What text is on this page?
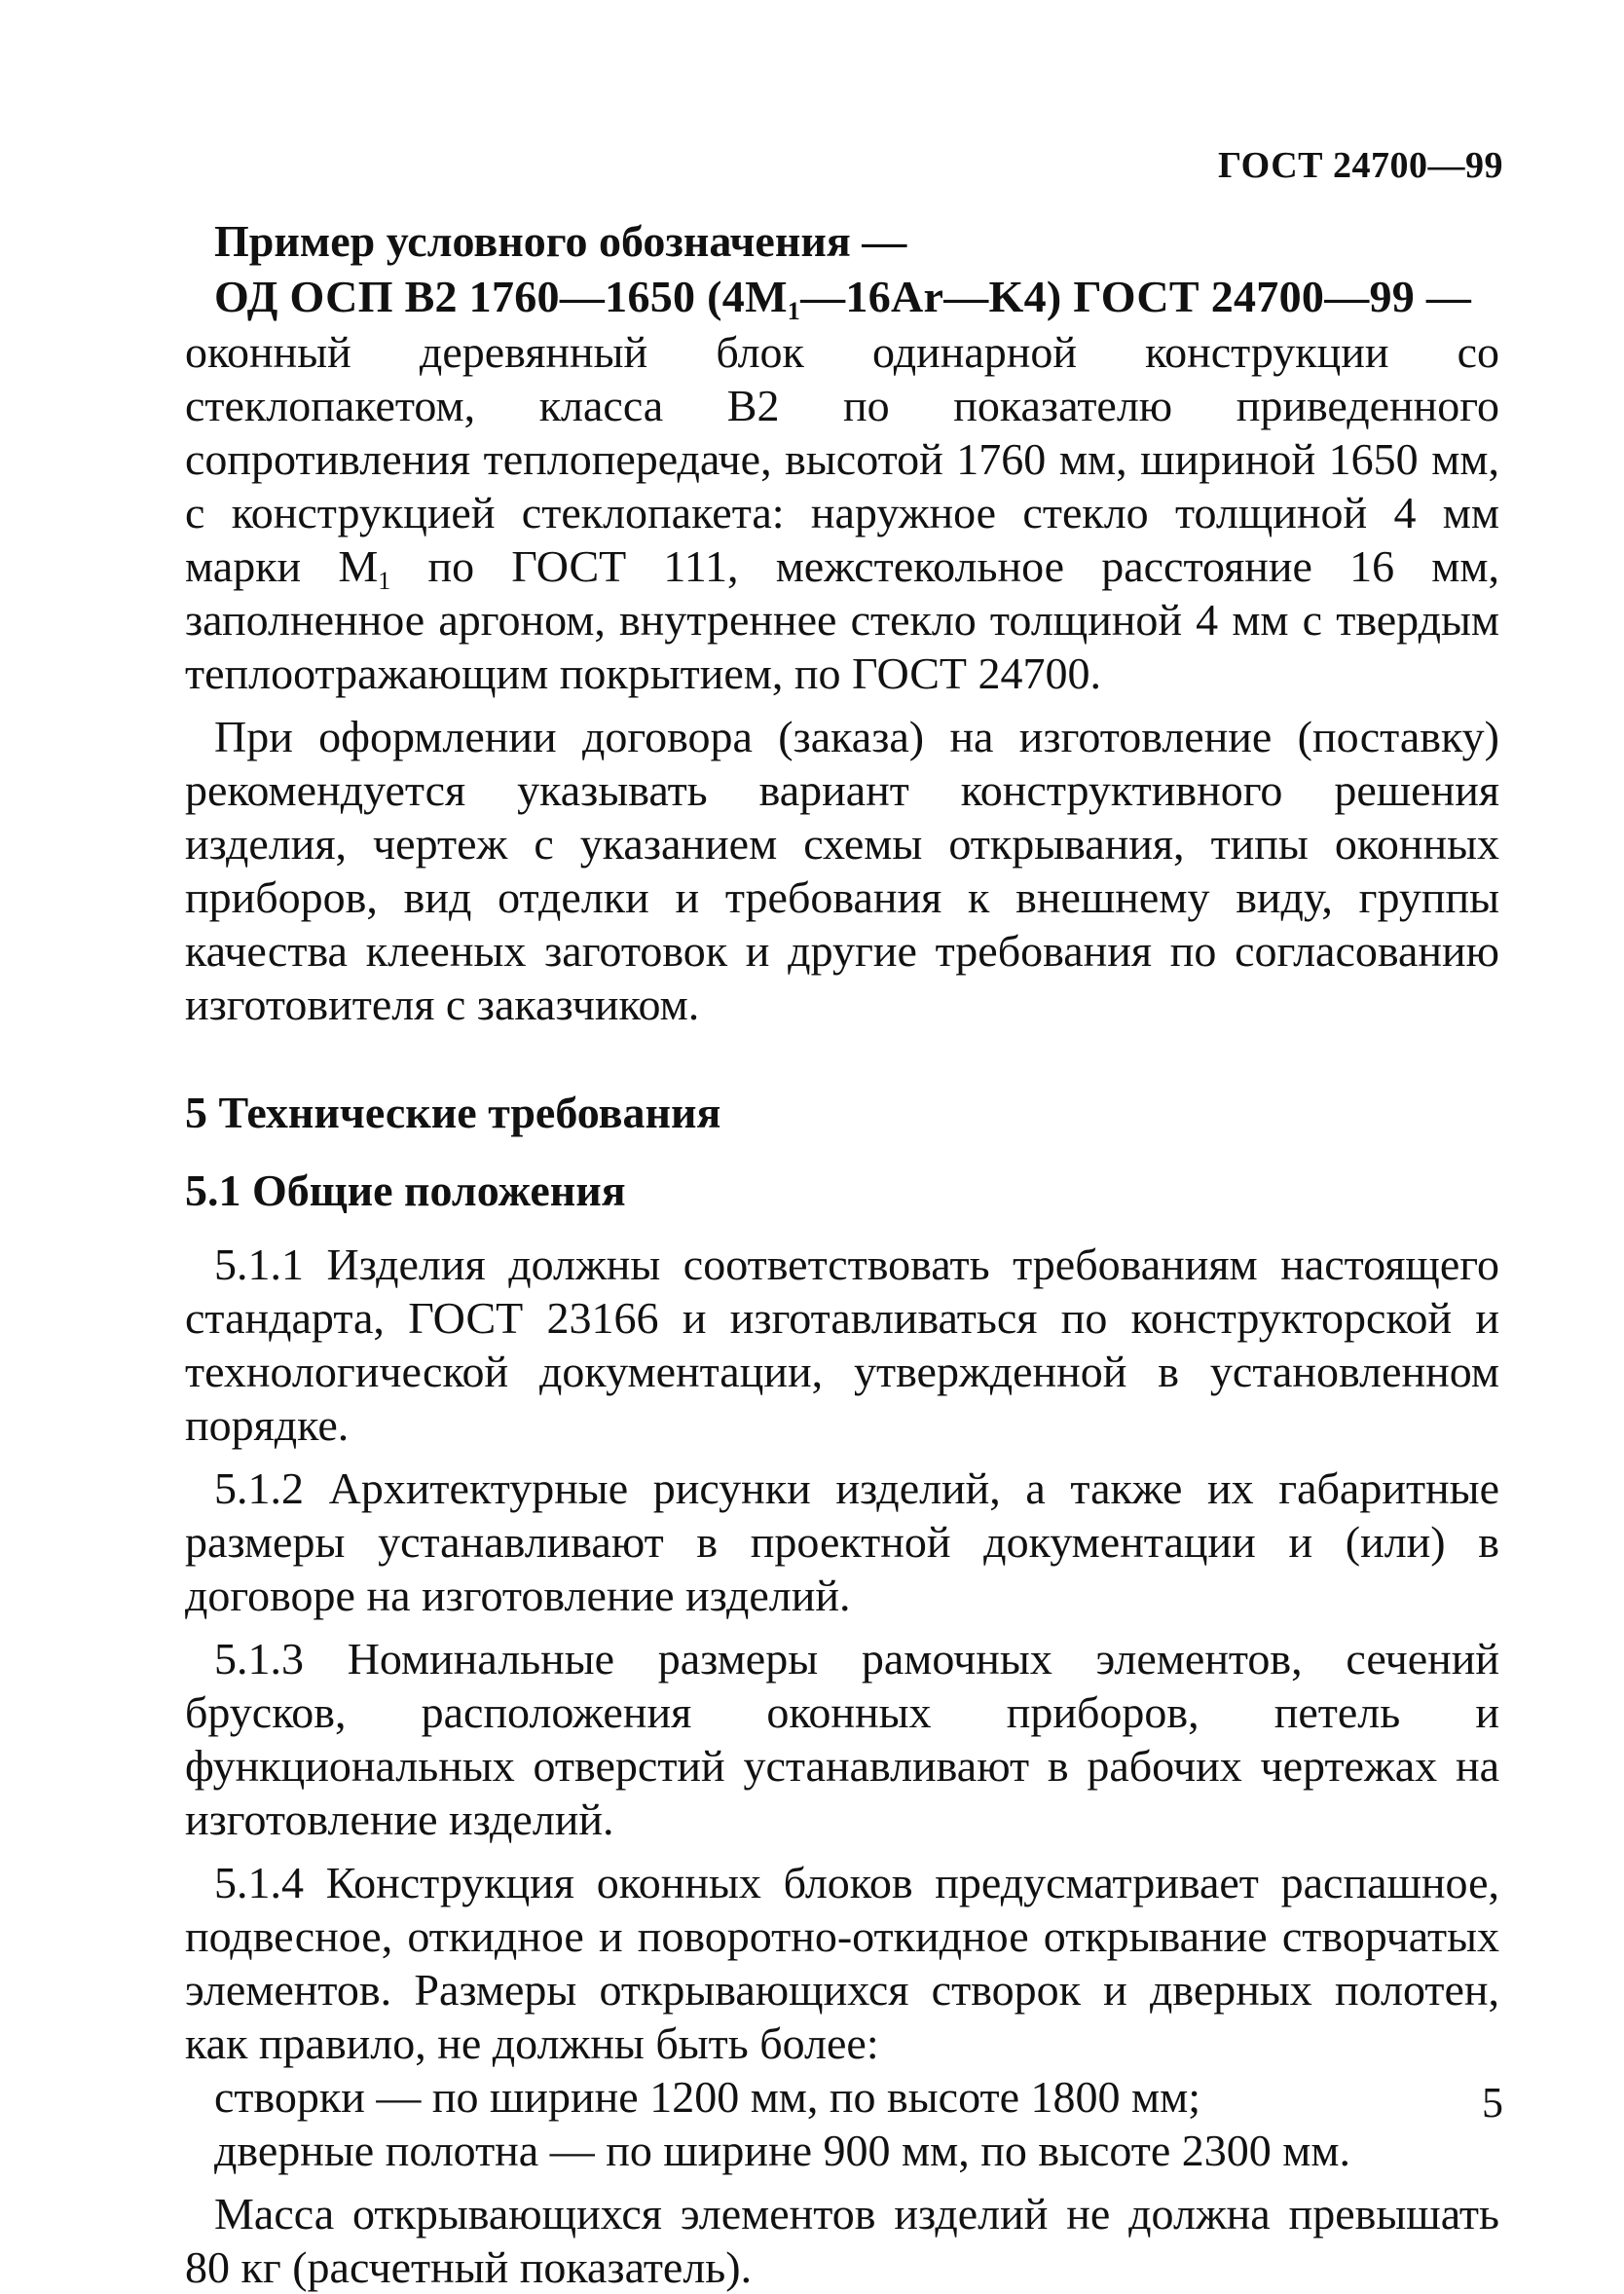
ГОСТ 24700—99

Пример условного обозначения —

ОД ОСП В2 1760—1650 $(4М_1—16Ar—K4)$ ГОСТ 24700—99 —

оконный деревянный блок одинарной конструкции со стеклопакетом, класса В2 по показателю приведенного сопротивления теплопередаче, высотой 1760 мм, шириной 1650 мм, с конструкцией стеклопакета: наружное стекло толщиной 4 мм марки $М_1$ по ГОСТ 111, межстекольное расстояние 16 мм, заполненное аргоном, внутреннее стекло толщиной 4 мм с твердым теплоотражающим покрытием, по ГОСТ 24700.

При оформлении договора (заказа) на изготовление (поставку) рекомендуется указывать вариант конструктивного решения изделия, чертеж с указанием схемы открывания, типы оконных приборов, вид отделки и требования к внешнему виду, группы качества клееных заготовок и другие требования по согласованию изготовителя с заказчиком.

5 Технические требования
5.1 Общие положения

5.1.1 Изделия должны соответствовать требованиям настоящего стандарта, ГОСТ 23166 и изготавливаться по конструкторской и технологической документации, утвержденной в установленном порядке.

5.1.2 Архитектурные рисунки изделий, а также их габаритные размеры устанавливают в проектной документации и (или) в договоре на изготовление изделий.

5.1.3 Номинальные размеры рамочных элементов, сечений брусков, расположения оконных приборов, петель и функциональных отверстий устанавливают в рабочих чертежах на изготовление изделий.

5.1.4 Конструкция оконных блоков предусматривает распашное, подвесное, откидное и поворотно-откидное открывание створчатых элементов. Размеры открывающихся створок и дверных полотен, как правило, не должны быть более:

створки — по ширине 1200 мм, по высоте 1800 мм;

дверные полотна — по ширине 900 мм, по высоте 2300 мм.

Масса открывающихся элементов изделий не должна превышать 80 кг (расчетный показатель).

5
